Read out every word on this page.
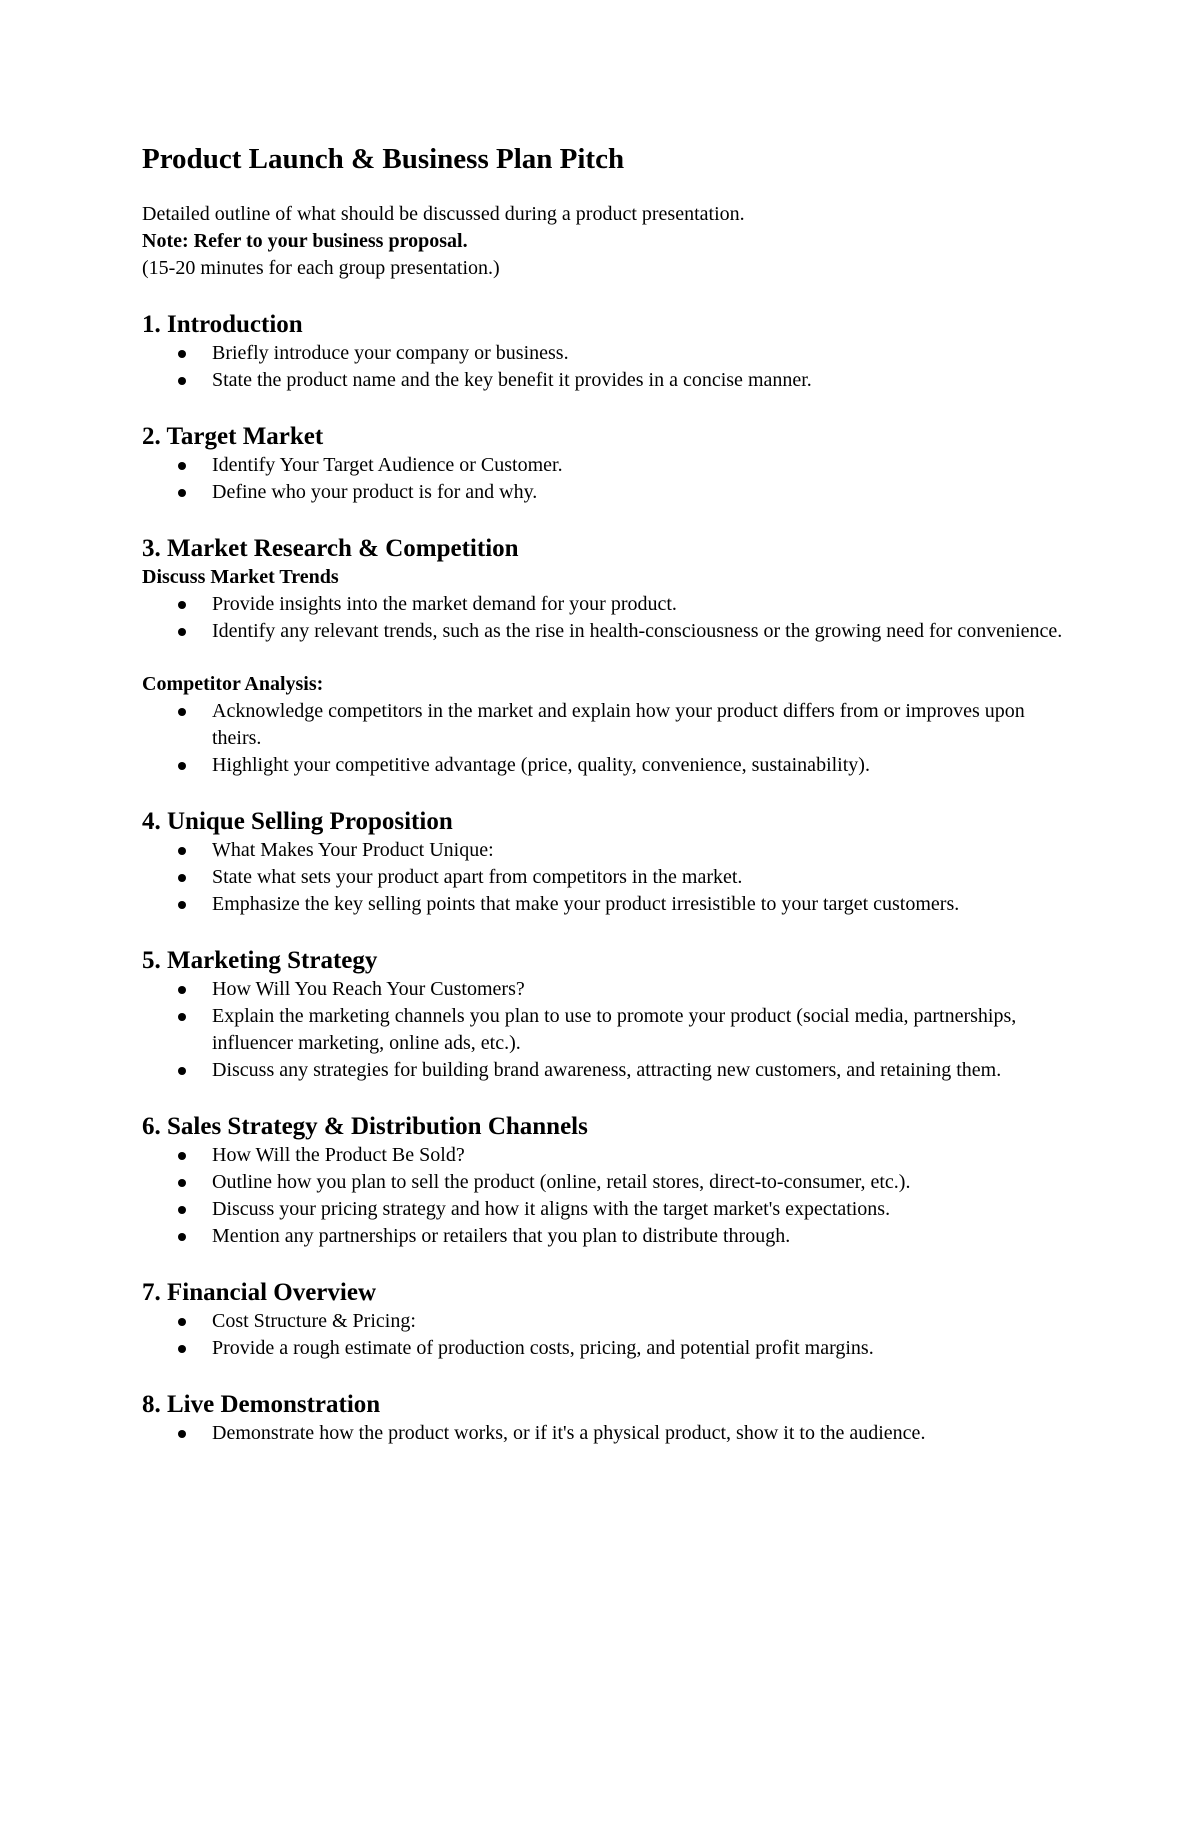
Product Launch & Business Plan Pitch

Detailed outline of what should be discussed during a product presentation.

Note: Refer to your business proposal.

(15-20 minutes for each group presentation.)

1. Introduction
Briefly introduce your company or business.
State the product name and the key benefit it provides in a concise manner.
2. Target Market
Identify Your Target Audience or Customer.
Define who your product is for and why.
3. Market Research & Competition

Discuss Market Trends

Provide insights into the market demand for your product.
Identify any relevant trends, such as the rise in health-consciousness or the growing need for convenience.

Competitor Analysis:

Acknowledge competitors in the market and explain how your product differs from or improves upon theirs.
Highlight your competitive advantage (price, quality, convenience, sustainability).
4. Unique Selling Proposition
What Makes Your Product Unique:
State what sets your product apart from competitors in the market.
Emphasize the key selling points that make your product irresistible to your target customers.
5. Marketing Strategy
How Will You Reach Your Customers?
Explain the marketing channels you plan to use to promote your product (social media, partnerships, influencer marketing, online ads, etc.).
Discuss any strategies for building brand awareness, attracting new customers, and retaining them.
6. Sales Strategy & Distribution Channels
How Will the Product Be Sold?
Outline how you plan to sell the product (online, retail stores, direct-to-consumer, etc.).
Discuss your pricing strategy and how it aligns with the target market's expectations.
Mention any partnerships or retailers that you plan to distribute through.
7. Financial Overview
Cost Structure & Pricing:
Provide a rough estimate of production costs, pricing, and potential profit margins.
8. Live Demonstration
Demonstrate how the product works, or if it's a physical product, show it to the audience.
